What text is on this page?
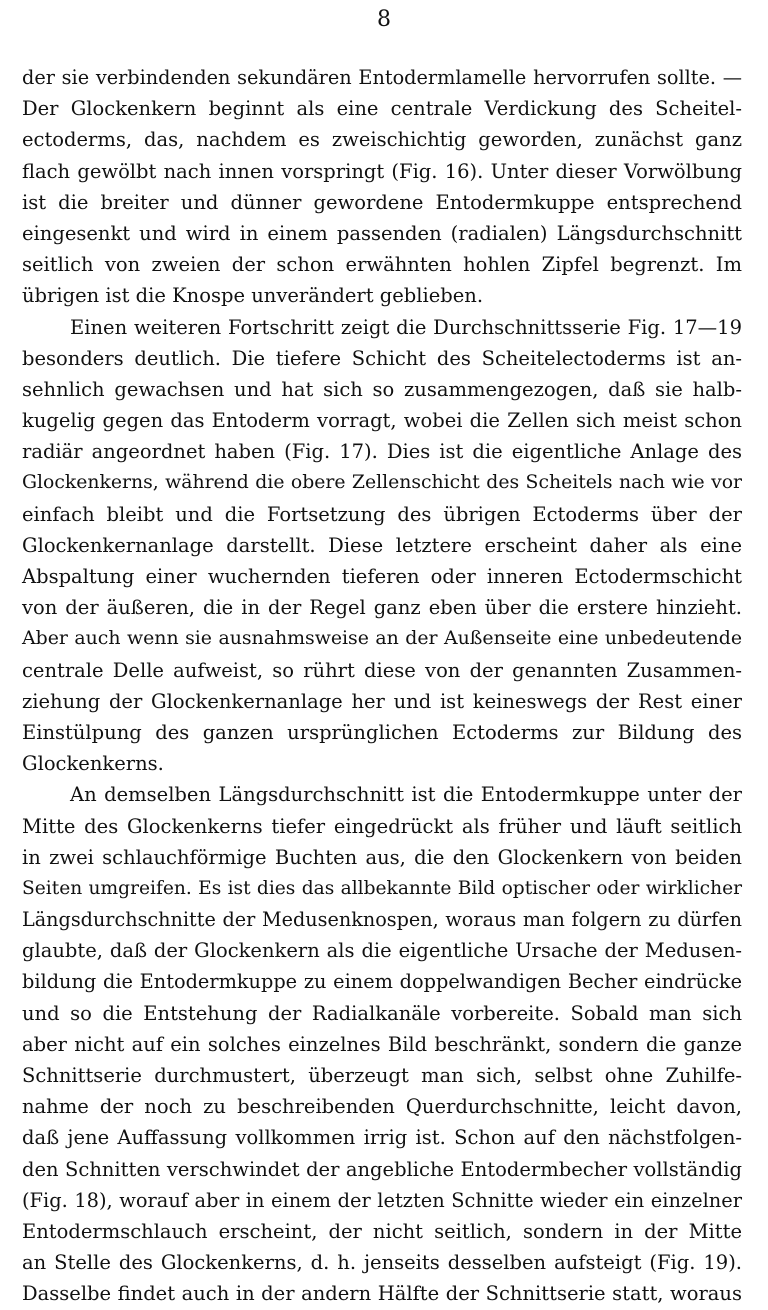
8
der sie verbindenden sekundären Entodermlamelle hervorrufen sollte. —
Der Glockenkern beginnt als eine centrale Verdickung des Scheitel-
ectoderms, das, nachdem es zweischichtig geworden, zunächst ganz
flach gewölbt nach innen vorspringt (Fig. 16). Unter dieser Vorwölbung
ist die breiter und dünner gewordene Entodermkuppe entsprechend
eingesenkt und wird in einem passenden (radialen) Längsdurchschnitt
seitlich von zweien der schon erwähnten hohlen Zipfel begrenzt. Im
übrigen ist die Knospe unverändert geblieben.
Einen weiteren Fortschritt zeigt die Durchschnittsserie Fig. 17—19
besonders deutlich. Die tiefere Schicht des Scheitelectoderms ist an-
sehnlich gewachsen und hat sich so zusammengezogen, daß sie halb-
kugelig gegen das Entoderm vorragt, wobei die Zellen sich meist schon
radiär angeordnet haben (Fig. 17). Dies ist die eigentliche Anlage des
Glockenkerns, während die obere Zellenschicht des Scheitels nach wie vor
einfach bleibt und die Fortsetzung des übrigen Ectoderms über der
Glockenkernanlage darstellt. Diese letztere erscheint daher als eine
Abspaltung einer wuchernden tieferen oder inneren Ectodermschicht
von der äußeren, die in der Regel ganz eben über die erstere hinzieht.
Aber auch wenn sie ausnahmsweise an der Außenseite eine unbedeutende
centrale Delle aufweist, so rührt diese von der genannten Zusammen-
ziehung der Glockenkernanlage her und ist keineswegs der Rest einer
Einstülpung des ganzen ursprünglichen Ectoderms zur Bildung des
Glockenkerns.
An demselben Längsdurchschnitt ist die Entodermkuppe unter der
Mitte des Glockenkerns tiefer eingedrückt als früher und läuft seitlich
in zwei schlauchförmige Buchten aus, die den Glockenkern von beiden
Seiten umgreifen. Es ist dies das allbekannte Bild optischer oder wirklicher
Längsdurchschnitte der Medusenknospen, woraus man folgern zu dürfen
glaubte, daß der Glockenkern als die eigentliche Ursache der Medusen-
bildung die Entodermkuppe zu einem doppelwandigen Becher eindrücke
und so die Entstehung der Radialkanäle vorbereite. Sobald man sich
aber nicht auf ein solches einzelnes Bild beschränkt, sondern die ganze
Schnittserie durchmustert, überzeugt man sich, selbst ohne Zuhilfe-
nahme der noch zu beschreibenden Querdurchschnitte, leicht davon,
daß jene Auffassung vollkommen irrig ist. Schon auf den nächstfolgen-
den Schnitten verschwindet der angebliche Entodermbecher vollständig
(Fig. 18), worauf aber in einem der letzten Schnitte wieder ein einzelner
Entodermschlauch erscheint, der nicht seitlich, sondern in der Mitte
an Stelle des Glockenkerns, d. h. jenseits desselben aufsteigt (Fig. 19).
Dasselbe findet auch in der andern Hälfte der Schnittserie statt, woraus
